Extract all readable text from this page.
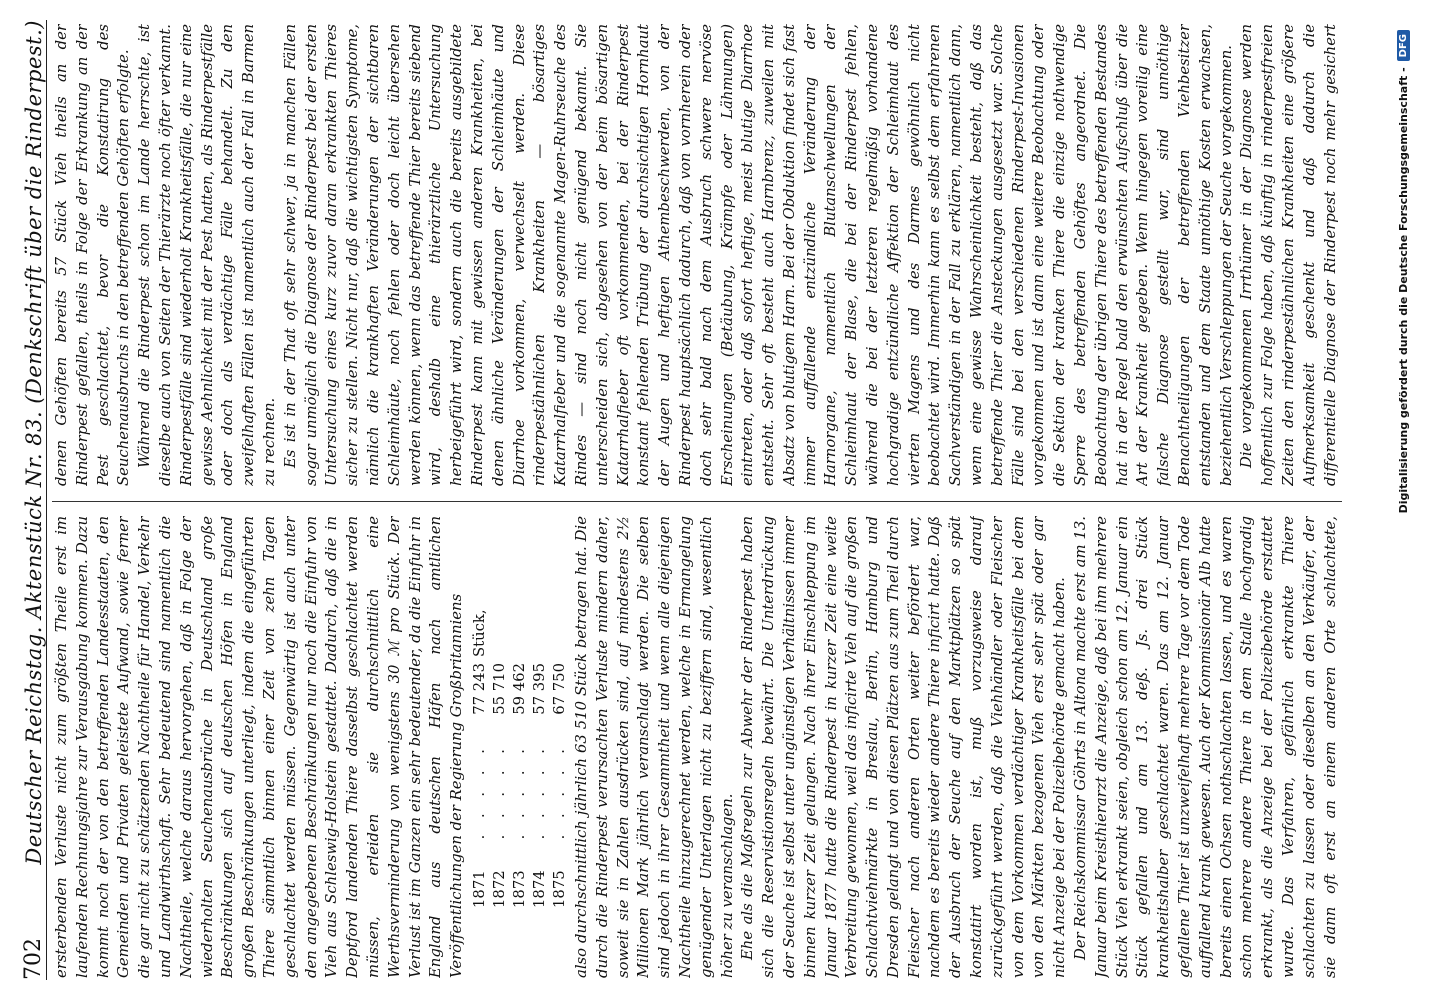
702
Deutscher Reichstag. Aktenstück Nr. 83. (Denkschrift über die Rinderpest.) ersterbenden Verluste nicht zum größten Theile erst im laufenden Rechnungsjahre zur Verausgabung kommen. Dazu kommt noch der von den betreffenden Landesstaaten, den Gemeinden und Privaten geleistete Aufwand, sowie ferner die gar nicht zu schätzenden Nachtheile für Handel, Verkehr und Landwirthschaft. Sehr bedeutend sind namentlich die Nachtheile, welche daraus hervorgehen, daß in Folge der wiederholten Seuchenausbrüche in Deutschland große Beschränkungen sich auf deutschen Höfen in England großen Beschränkungen unterliegt, indem die eingeführten Thiere sämmtlich binnen einer Zeit von zehn Tagen geschlachtet werden müssen. Gegenwärtig ist auch unter den angegebenen Beschränkungen nur noch die Einfuhr von Vieh aus Schleswig-Holstein gestattet. Dadurch, daß die in Deptford landenden Thiere dasselbst geschlachtet werden müssen, erleiden sie durchschnittlich eine Werthsverminderung von wenigstens 30 ℳ pro Stück. Der Verlust ist im Ganzen ein sehr bedeutender, da die Einfuhr in England aus deutschen Häfen nach amtlichen Veröffentlichungen der Regierung Großbritanniens 1871
. . . . .
77 243
Stück,
1872
. . . . .
55 710
1873
. . . . .
59 462
1874
. . . . .
57 395
1875
. . . . .
67 750 also durchschnittlich jährlich 63 510 Stück betragen hat. Die durch die Rinderpest verursachten Verluste mindern daher, soweit sie in Zahlen ausdrücken sind, auf mindestens 2½ Millionen Mark jährlich veranschlagt werden. Die selben sind jedoch in ihrer Gesammtheit und wenn alle diejenigen Nachtheile hinzugerechnet werden, welche in Ermangelung genügender Unterlagen nicht zu beziffern sind, wesentlich höher zu veranschlagen. Ehe als die Maßregeln zur Abwehr der Rinderpest haben sich die Reservistionsregeln bewährt. Die Unterdrückung der Seuche ist selbst unter ungünstigen Verhältnissen immer binnen kurzer Zeit gelungen. Nach ihrer Einschleppung im Januar 1877 hatte die Rinderpest in kurzer Zeit eine weite Verbreitung gewonnen, weil das inficirte Vieh auf die großen Schlachtviehmärkte in Breslau, Berlin, Hamburg und Dresden gelangt und von diesen Plätzen aus zum Theil durch Fleischer nach anderen Orten weiter befördert war, nachdem es bereits wieder andere Thiere inficirt hatte. Daß der Ausbruch der Seuche auf den Marktplätzen so spät konstatirt worden ist, muß vorzugsweise darauf zurückgeführt werden, daß die Viehhändler oder Fleischer von dem Vorkommen verdächtiger Krankheitsfälle bei dem von den Märkten bezogenen Vieh erst sehr spät oder gar nicht Anzeige bei der Polizeibehörde gemacht haben. Der Reichskommissar Göhrts in Altona machte erst am 13. Januar beim Kreisthierarzt die Anzeige, daß bei ihm mehrere Stück Vieh erkrankt seien, obgleich schon am 12. Januar ein Stück gefallen und am 13. deß. Js. drei Stück krankheitshalber geschlachtet waren. Das am 12. Januar gefallene Thier ist unzweifelhaft mehrere Tage vor dem Tode auffallend krank gewesen. Auch der Kommissionär Alb hatte bereits einen Ochsen nothschlachten lassen, und es waren schon mehrere andere Thiere in dem Stalle hochgradig erkrankt, als die Anzeige bei der Polizeibehörde erstattet wurde. Das Verfahren, gefährlich erkrankte Thiere schlachten zu lassen oder dieselben an den Verkäufer, der sie dann oft erst an einem anderen Orte schlachtete,

denen Gehöften bereits 57 Stück Vieh theils an der Rinderpest gefallen, theils in Folge der Erkrankung an der Pest geschlachtet, bevor die Konstatirung des Seuchenausbruchs in den betreffenden Gehöften erfolgte. Während die Rinderpest schon im Lande herrschte, ist dieselbe auch von Seiten der Thierärzte noch öfter verkannt. Rinderpestfälle sind wiederholt Krankheitsfälle, die nur eine gewisse Aehnlichkeit mit der Pest hatten, als Rinderpestfälle oder doch als verdächtige Fälle behandelt. Zu den zweifelhaften Fällen ist namentlich auch der Fall in Barmen zu rechnen. Es ist in der That oft sehr schwer, ja in manchen Fällen sogar unmöglich die Diagnose der Rinderpest bei der ersten Untersuchung eines kurz zuvor daran erkrankten Thieres sicher zu stellen. Nicht nur, daß die wichtigsten Symptome, nämlich die krankhaften Veränderungen der sichtbaren Schleimhäute, noch fehlen oder doch leicht übersehen werden können, wenn das betreffende Thier bereits siebend wird, deshalb eine thierärztliche Untersuchung herbeigeführt wird, sondern auch die bereits ausgebildete Rinderpest kann mit gewissen anderen Krankheiten, bei denen ähnliche Veränderungen der Schleimhäute und Diarrhoe vorkommen, verwechselt werden. Diese rinderpestähnlichen Krankheiten — bösartiges Katarrhalfieber und die sogenannte Magen-Ruhrseuche des Rindes — sind noch nicht genügend bekannt. Sie unterscheiden sich, abgesehen von der beim bösartigen Katarrhalfieber oft vorkommenden, bei der Rinderpest konstant fehlenden Trübung der durchsichtigen Hornhaut der Augen und heftigen Athembeschwerden, von der Rinderpest hauptsächlich dadurch, daß von vornherein oder doch sehr bald nach dem Ausbruch schwere nervöse Erscheinungen (Betäubung, Krämpfe oder Lähmungen) eintreten, oder daß sofort heftige, meist blutige Diarrhoe entsteht. Sehr oft besteht auch Harnbrenz, zuweilen mit Absatz von blutigem Harn. Bei der Obduktion findet sich fast immer auffallende entzündliche Veränderung der Harnorgane, namentlich Blutanschwellungen der Schleimhaut der Blase, die bei der Rinderpest fehlen, während die bei der letzteren regelmäßig vorhandene hochgradige entzündliche Affektion der Schleimhaut des vierten Magens und des Darmes gewöhnlich nicht beobachtet wird. Immerhin kann es selbst dem erfahrenen Sachverständigen in der Fall zu erklären, namentlich dann, wenn eine gewisse Wahrscheinlichkeit besteht, daß das betreffende Thier die Ansteckungen ausgesetzt war. Solche Fälle sind bei den verschiedenen Rinderpest-Invasionen vorgekommen und ist dann eine weitere Beobachtung oder die Sektion der kranken Thiere die einzige nothwendige Sperre des betreffenden Gehöftes angeordnet. Die Beobachtung der übrigen Thiere des betreffenden Bestandes hat in der Regel bald den erwünschten Aufschluß über die Art der Krankheit gegeben. Wenn hingegen voreilig eine falsche Diagnose gestellt war, sind unnöthige Benachtheiligungen der betreffenden Viehbesitzer entstanden und dem Staate unnöthige Kosten erwachsen, beziehentlich Verschleppungen der Seuche vorgekommen. Die vorgekommenen Irrthümer in der Diagnose werden hoffentlich zur Folge haben, daß künftig in rinderpestfreien Zeiten den rinderpestähnlichen Krankheiten eine größere Aufmerksamkeit geschenkt und daß dadurch die differentielle Diagnose der Rinderpest noch mehr gesichert

Digitalisierung gefördert durch die Deutsche Forschungsgemeinschaft -
DFG
